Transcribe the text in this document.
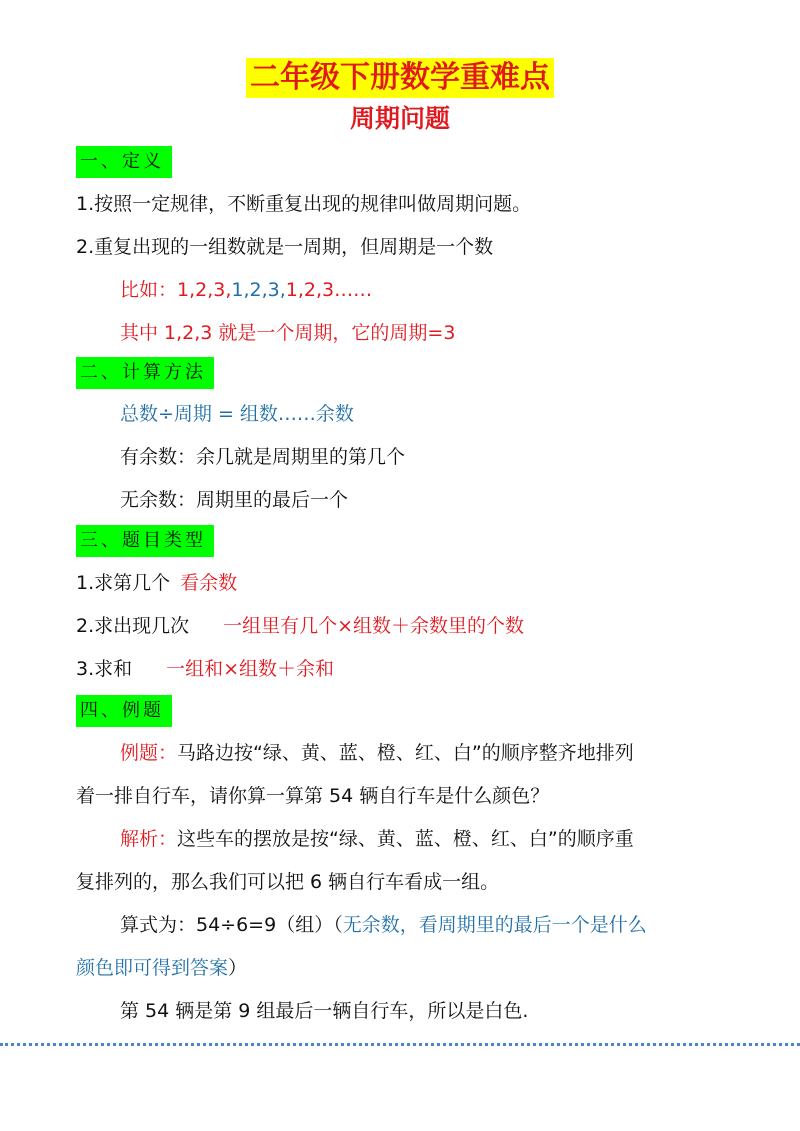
二年级下册数学重难点
周期问题
一、定义
1.按照一定规律，不断重复出现的规律叫做周期问题。
2.重复出现的一组数就是一周期，但周期是一个数
比如：1,2,3,1,2,3,1,2,3……
其中 1,2,3 就是一个周期，它的周期=3
二、计算方法
总数÷周期 = 组数……余数
有余数：余几就是周期里的第几个
无余数：周期里的最后一个
三、题目类型
1.求第几个 看余数
2.求出现几次 一组里有几个×组数＋余数里的个数
3.求和 一组和×组数＋余和
四、例题
例题：马路边按“绿、黄、蓝、橙、红、白”的顺序整齐地排列
着一排自行车，请你算一算第 54 辆自行车是什么颜色？
解析：这些车的摆放是按“绿、黄、蓝、橙、红、白”的顺序重
复排列的，那么我们可以把 6 辆自行车看成一组。
算式为：54÷6=9（组）（无余数，看周期里的最后一个是什么
颜色即可得到答案）
第 54 辆是第 9 组最后一辆自行车，所以是白色.
